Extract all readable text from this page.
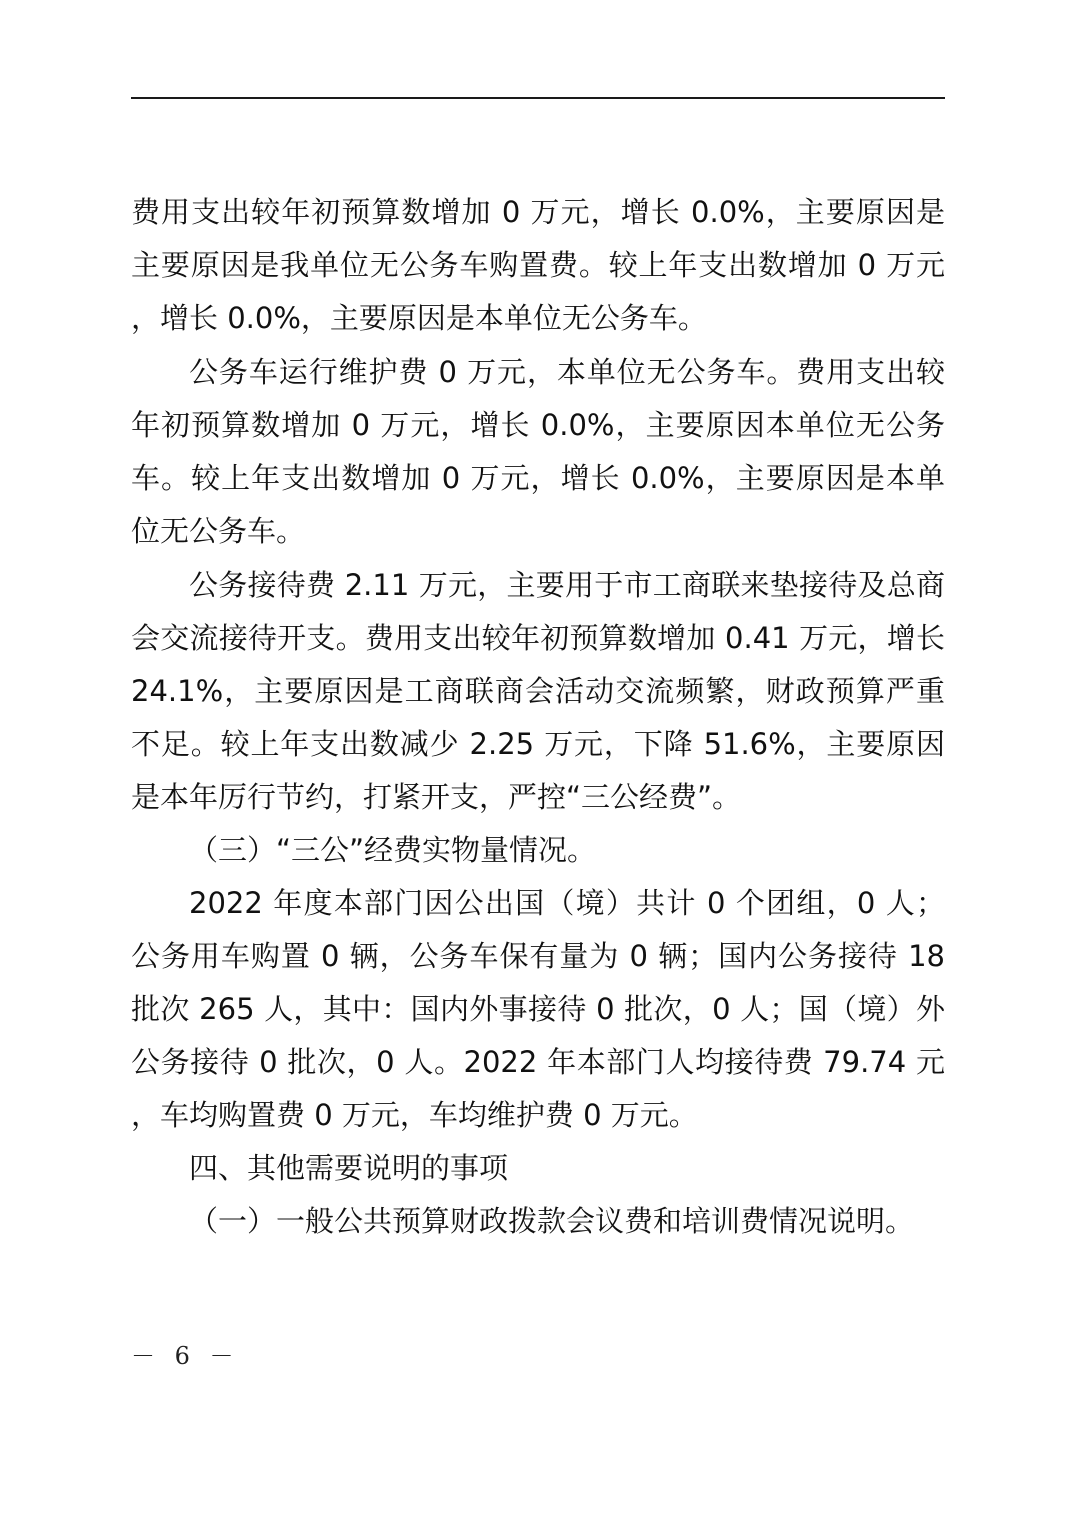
费用支出较年初预算数增加 0 万元，增长 0.0%，主要原因是主要原因是我单位无公务车购置费。较上年支出数增加 0 万元，增长 0.0%，主要原因是本单位无公务车。

公务车运行维护费 0 万元，本单位无公务车。费用支出较年初预算数增加 0 万元，增长 0.0%，主要原因本单位无公务车。较上年支出数增加 0 万元，增长 0.0%，主要原因是本单位无公务车。

公务接待费 2.11 万元，主要用于市工商联来垫接待及总商会交流接待开支。费用支出较年初预算数增加 0.41 万元，增长 24.1%，主要原因是工商联商会活动交流频繁，财政预算严重不足。较上年支出数减少 2.25 万元，下降 51.6%，主要原因是本年厉行节约，打紧开支，严控“三公经费”。

（三）“三公”经费实物量情况。

2022 年度本部门因公出国（境）共计 0 个团组，0 人；公务用车购置 0 辆，公务车保有量为 0 辆；国内公务接待 18 批次 265 人，其中：国内外事接待 0 批次，0 人；国（境）外公务接待 0 批次，0 人。2022 年本部门人均接待费 79.74 元，车均购置费 0 万元，车均维护费 0 万元。

四、其他需要说明的事项

（一）一般公共预算财政拨款会议费和培训费情况说明。

－ 6 －
